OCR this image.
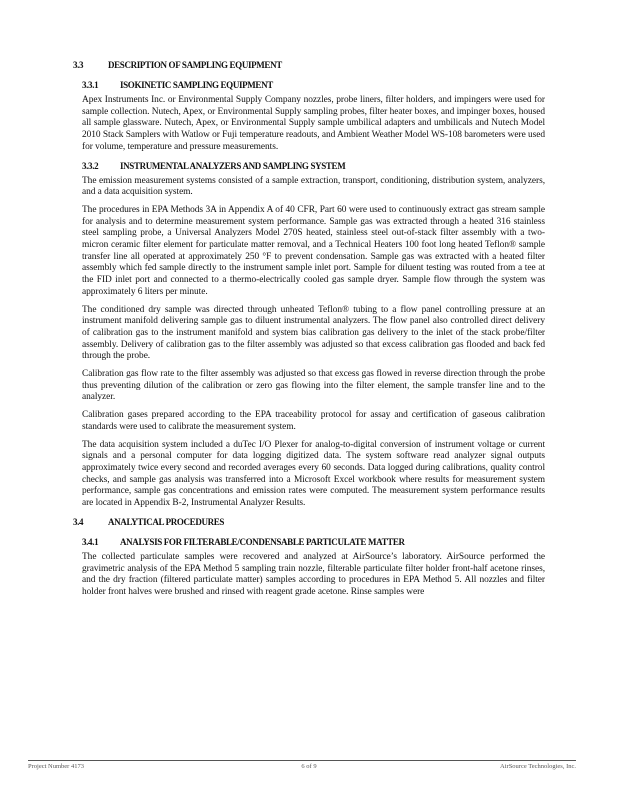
3.3	DESCRIPTION OF SAMPLING EQUIPMENT
3.3.1	ISOKINETIC SAMPLING EQUIPMENT

Apex Instruments Inc. or Environmental Supply Company nozzles, probe liners, filter holders, and impingers were used for sample collection. Nutech, Apex, or Environmental Supply sampling probes, filter heater boxes, and impinger boxes, housed all sample glassware. Nutech, Apex, or Environmental Supply sample umbilical adapters and umbilicals and Nutech Model 2010 Stack Samplers with Watlow or Fuji temperature readouts, and Ambient Weather Model WS-108 barometers were used for volume, temperature and pressure measurements.

3.3.2	INSTRUMENTAL ANALYZERS AND SAMPLING SYSTEM

The emission measurement systems consisted of a sample extraction, transport, conditioning, distribution system, analyzers, and a data acquisition system.

The procedures in EPA Methods 3A in Appendix A of 40 CFR, Part 60 were used to continuously extract gas stream sample for analysis and to determine measurement system performance. Sample gas was extracted through a heated 316 stainless steel sampling probe, a Universal Analyzers Model 270S heated, stainless steel out-of-stack filter assembly with a two-micron ceramic filter element for particulate matter removal, and a Technical Heaters 100 foot long heated Teflon® sample transfer line all operated at approximately 250 °F to prevent condensation. Sample gas was extracted with a heated filter assembly which fed sample directly to the instrument sample inlet port. Sample for diluent testing was routed from a tee at the FID inlet port and connected to a thermo-electrically cooled gas sample dryer. Sample flow through the system was approximately 6 liters per minute.

The conditioned dry sample was directed through unheated Teflon® tubing to a flow panel controlling pressure at an instrument manifold delivering sample gas to diluent instrumental analyzers. The flow panel also controlled direct delivery of calibration gas to the instrument manifold and system bias calibration gas delivery to the inlet of the stack probe/filter assembly. Delivery of calibration gas to the filter assembly was adjusted so that excess calibration gas flooded and back fed through the probe.

Calibration gas flow rate to the filter assembly was adjusted so that excess gas flowed in reverse direction through the probe thus preventing dilution of the calibration or zero gas flowing into the filter element, the sample transfer line and to the analyzer.

Calibration gases prepared according to the EPA traceability protocol for assay and certification of gaseous calibration standards were used to calibrate the measurement system.

The data acquisition system included a duTec I/O Plexer for analog-to-digital conversion of instrument voltage or current signals and a personal computer for data logging digitized data. The system software read analyzer signal outputs approximately twice every second and recorded averages every 60 seconds. Data logged during calibrations, quality control checks, and sample gas analysis was transferred into a Microsoft Excel workbook where results for measurement system performance, sample gas concentrations and emission rates were computed. The measurement system performance results are located in Appendix B-2, Instrumental Analyzer Results.

3.4	ANALYTICAL PROCEDURES
3.4.1	ANALYSIS FOR FILTERABLE/CONDENSABLE PARTICULATE MATTER

The collected particulate samples were recovered and analyzed at AirSource’s laboratory. AirSource performed the gravimetric analysis of the EPA Method 5 sampling train nozzle, filterable particulate filter holder front-half acetone rinses, and the dry fraction (filtered particulate matter) samples according to procedures in EPA Method 5. All nozzles and filter holder front halves were brushed and rinsed with reagent grade acetone. Rinse samples were

Project Number 4173	6 of 9	AirSource Technologies, Inc.
